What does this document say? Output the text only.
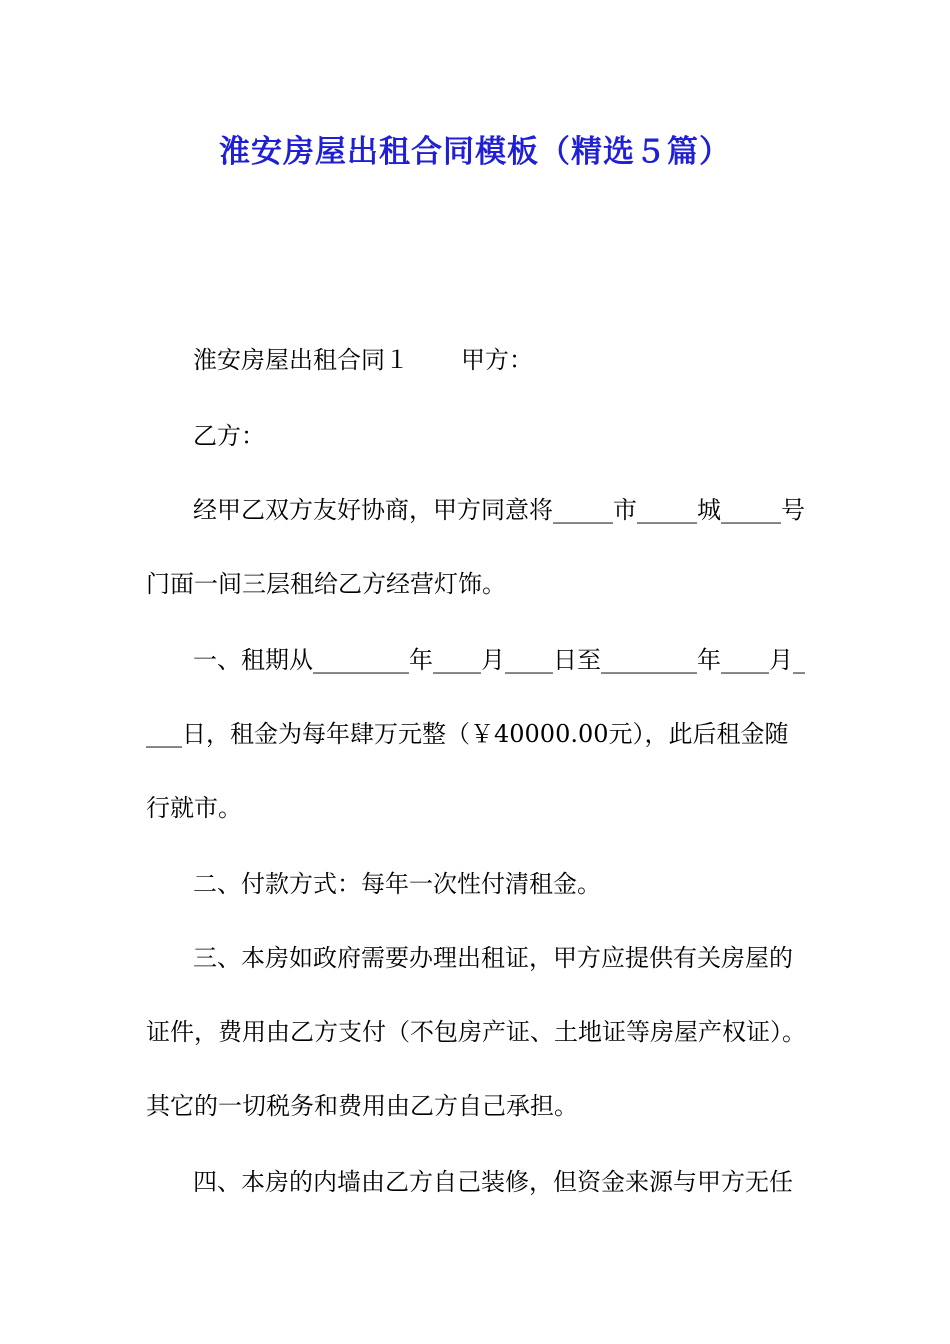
淮安房屋出租合同模板（精选５篇）

淮安房屋出租合同１ 甲方：

乙方：

经甲乙双方友好协商，甲方同意将_____市_____城_____号

门面一间三层租给乙方经营灯饰。

一、租期从________年____月____日至________年____月_

___日，租金为每年肆万元整（￥40000.00元），此后租金随

行就市。

二、付款方式：每年一次性付清租金。

三、本房如政府需要办理出租证，甲方应提供有关房屋的

证件，费用由乙方支付（不包房产证、土地证等房屋产权证）。

其它的一切税务和费用由乙方自己承担。

四、本房的内墙由乙方自己装修，但资金来源与甲方无任
